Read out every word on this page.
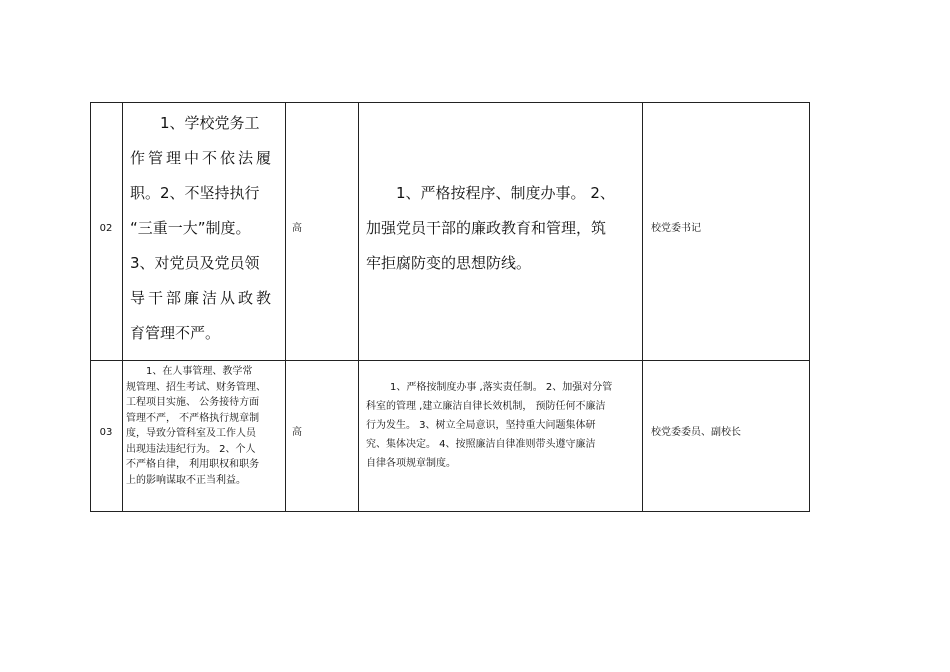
02
1、学校党务工
作管理中不依法履
职。2、不坚持执行
“三重一大”制度。
3、对党员及党员领
导干部廉洁从政教
育管理不严。
高
1、严格按程序、制度办事。 2、
加强党员干部的廉政教育和管理，筑
牢拒腐防变的思想防线。
校党委书记
03
1、在人事管理、教学常
规管理、招生考试、财务管理、
工程项目实施、 公务接待方面
管理不严， 不严格执行规章制
度，导致分管科室及工作人员
出现违法违纪行为。 2、个人
不严格自律， 利用职权和职务
上的影响谋取不正当利益。
高
1、严格按制度办事 ,落实责任制。 2、加强对分管
科室的管理 ,建立廉洁自律长效机制， 预防任何不廉洁
行为发生。 3、树立全局意识，坚持重大问题集体研
究、集体决定。 4、按照廉洁自律准则带头遵守廉洁
自律各项规章制度。
校党委委员、副校长
